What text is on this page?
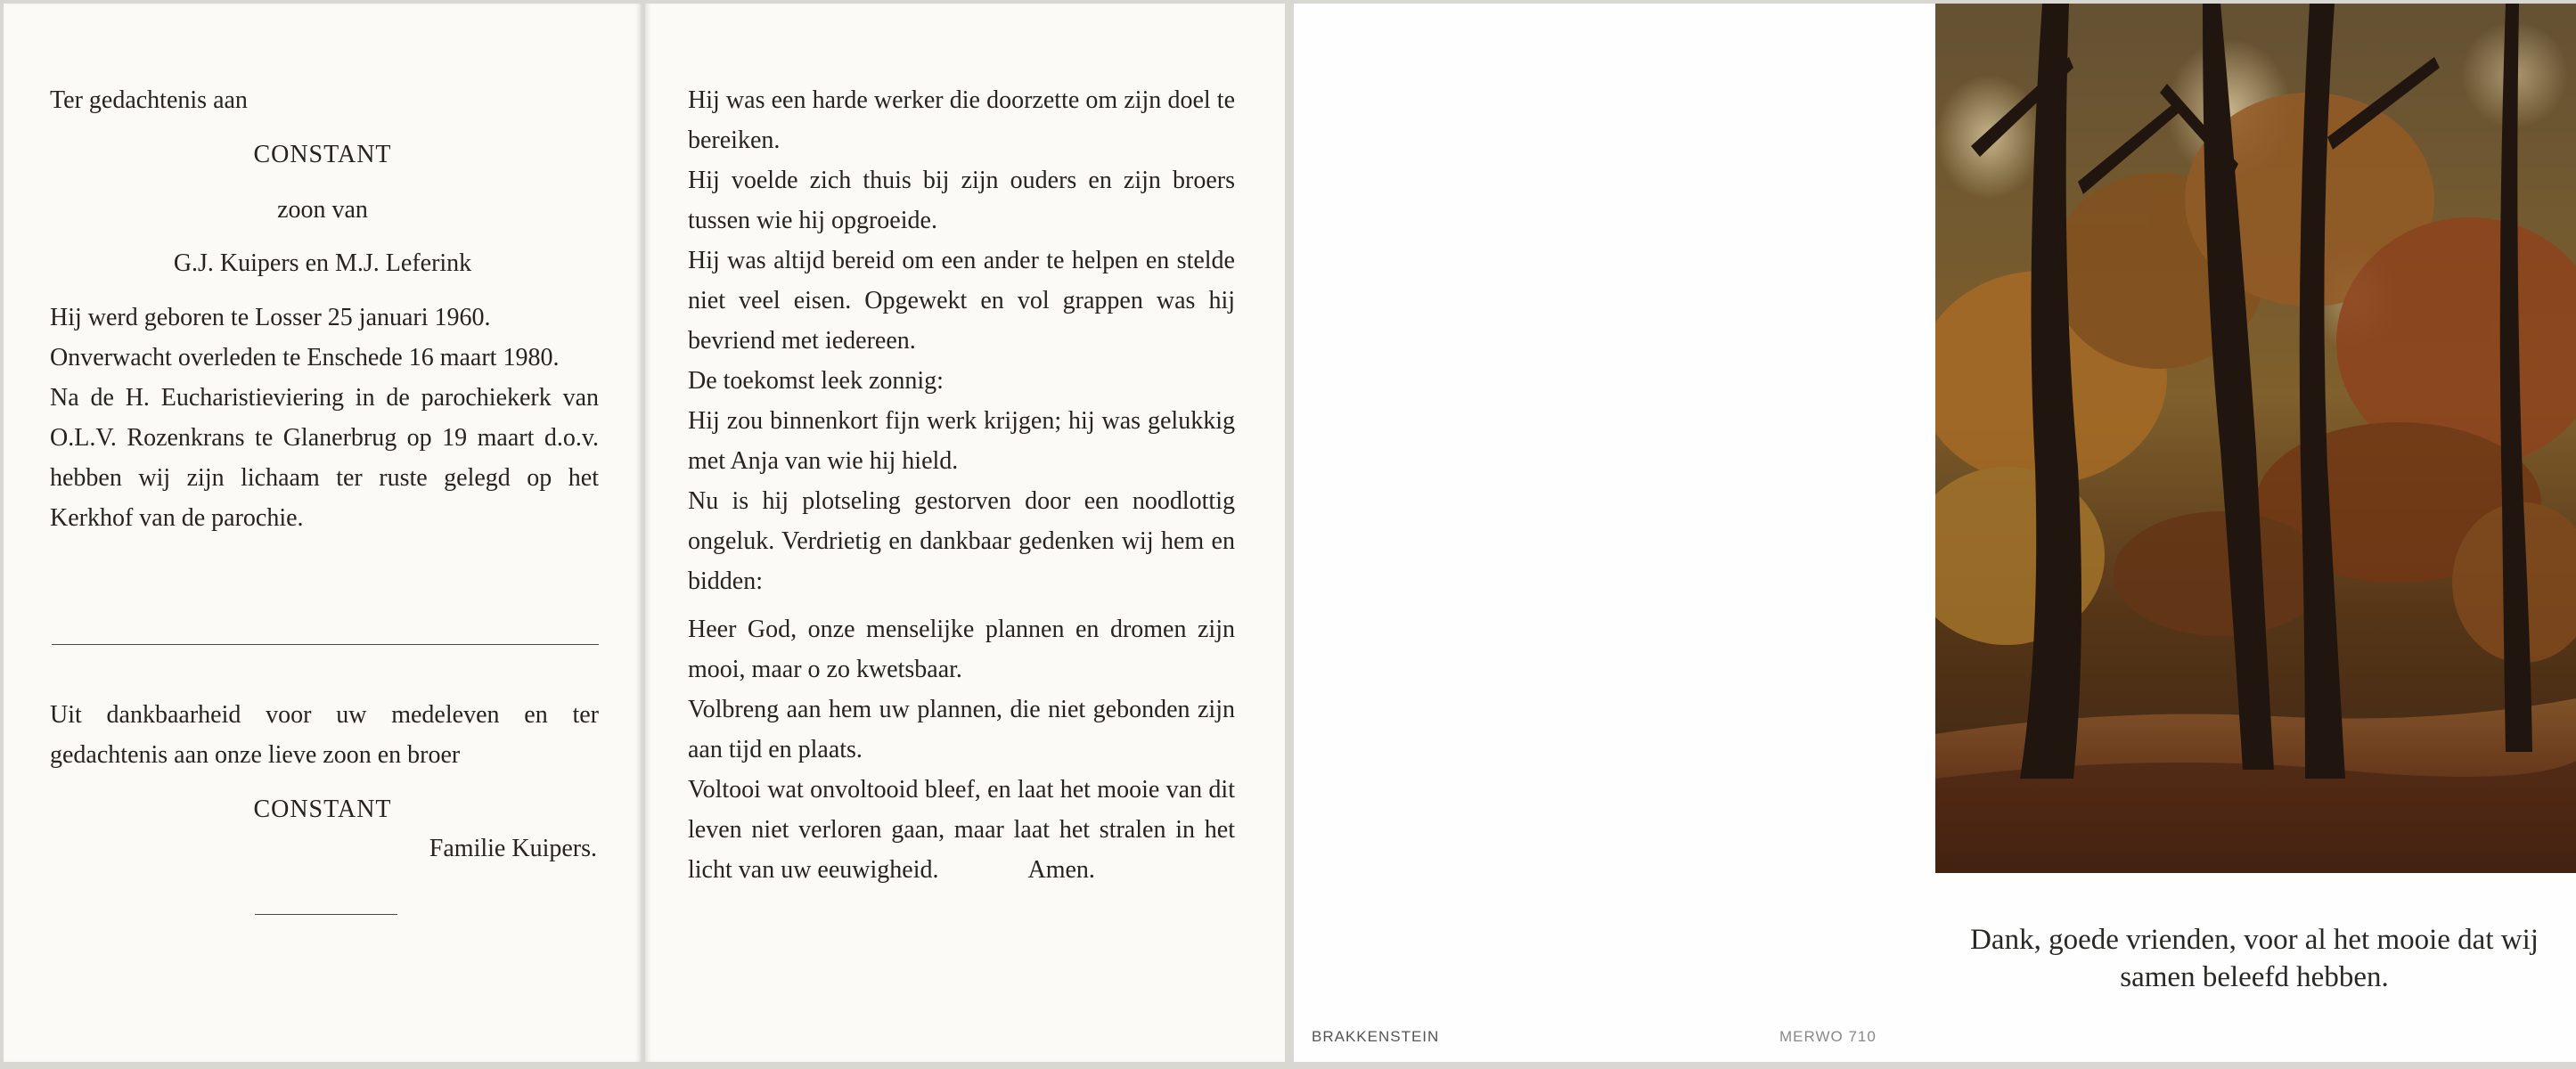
Ter gedachtenis aan
CONSTANT
zoon van
G.J. Kuipers en M.J. Leferink
Hij werd geboren te Losser 25 januari 1960.
Onverwacht overleden te Enschede 16 maart 1980.
Na de H. Eucharistieviering in de parochiekerk van O.L.V. Rozenkrans te Glanerbrug op 19 maart d.o.v. hebben wij zijn lichaam ter ruste gelegd op het Kerkhof van de parochie.
Uit dankbaarheid voor uw medeleven en ter gedachtenis aan onze lieve zoon en broer
CONSTANT
Familie Kuipers.
Hij was een harde werker die doorzette om zijn doel te bereiken.
Hij voelde zich thuis bij zijn ouders en zijn broers tussen wie hij opgroeide.
Hij was altijd bereid om een ander te helpen en stelde niet veel eisen. Opgewekt en vol grappen was hij bevriend met iedereen.
De toekomst leek zonnig:
Hij zou binnenkort fijn werk krijgen; hij was gelukkig met Anja van wie hij hield.
Nu is hij plotseling gestorven door een noodlottig ongeluk. Verdrietig en dankbaar gedenken wij hem en bidden:
Heer God, onze menselijke plannen en dromen zijn mooi, maar o zo kwetsbaar.
Volbreng aan hem uw plannen, die niet gebonden zijn aan tijd en plaats.
Voltooi wat onvoltooid bleef, en laat het mooie van dit leven niet verloren gaan, maar laat het stralen in het licht van uw eeuwigheid.	Amen.
BRAKKENSTEIN	MERWO 710
Dank, goede vrienden, voor al het mooie dat wij samen beleefd hebben.
